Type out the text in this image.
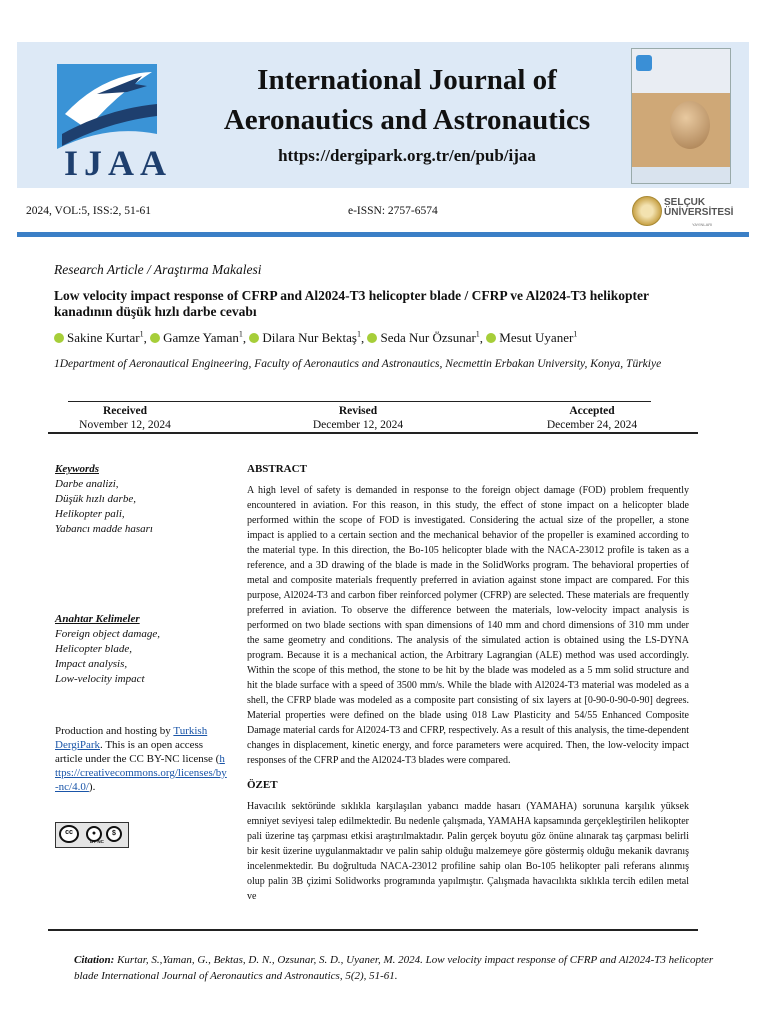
IJAA
International Journal of
Aeronautics and Astronautics
https://dergipark.org.tr/en/pub/ijaa
2024, VOL:5, ISS:2, 51-61	e-ISSN: 2757-6574
SELÇUK
ÜNİVERSİTESİ
YAYINLARI
Research Article / Araştırma Makalesi
Low velocity impact response of CFRP and Al2024-T3 helicopter blade / CFRP ve Al2024-T3 helikopter kanadının düşük hızlı darbe cevabı
Sakine Kurtar$^1$, Gamze Yaman$^1$, Dilara Nur Bektaş$^1$, Seda Nur Özsunar$^1$, Mesut Uyaner$^1$
1Department of Aeronautical Engineering, Faculty of Aeronautics and Astronautics, Necmettin Erbakan University, Konya, Türkiye
Received
November 12, 2024
Revised
December 12, 2024
Accepted
December 24, 2024
Keywords
Darbe analizi,
Düşük hızlı darbe,
Helikopter pali,
Yabancı madde hasarı
Anahtar Kelimeler
Foreign object damage,
Helicopter blade,
Impact analysis,
Low-velocity impact
Production and hosting by Turkish DergiPark. This is an open access article under the CC BY-NC license (https://creativecommons.org/licenses/by-nc/4.0/).
cc	●	$
BY NC
ABSTRACT

A high level of safety is demanded in response to the foreign object damage (FOD) problem frequently encountered in aviation. For this reason, in this study, the effect of stone impact on a helicopter blade performed within the scope of FOD is investigated. Considering the actual size of the propeller, a stone impact is applied to a certain section and the mechanical behavior of the propeller is examined according to the material type. In this direction, the Bo-105 helicopter blade with the NACA-23012 profile is taken as a reference, and a 3D drawing of the blade is made in the SolidWorks program. The behavioral properties of metal and composite materials frequently preferred in aviation against stone impact are compared. For this purpose, Al2024-T3 and carbon fiber reinforced polymer (CFRP) are selected. These materials are frequently preferred in aviation. To observe the difference between the materials, low-velocity impact analysis is performed on two blade sections with span dimensions of 140 mm and chord dimensions of 310 mm under the same geometry and conditions. The analysis of the simulated action is obtained using the LS-DYNA program. Because it is a mechanical action, the Arbitrary Lagrangian (ALE) method was used accordingly. Within the scope of this method, the stone to be hit by the blade was modeled as a 5 mm solid structure and hit the blade surface with a speed of 3500 mm/s. While the blade with Al2024-T3 material was modeled as a shell, the CFRP blade was modeled as a composite part consisting of six layers at [0-90-0-90-0-90] degrees. Material properties were defined on the blade using 018 Law Plasticity and 54/55 Enhanced Composite Damage material cards for Al2024-T3 and CFRP, respectively. As a result of this analysis, the time-dependent changes in displacement, kinetic energy, and force parameters were acquired. Then, the low-velocity impact responses of the CFRP and the Al2024-T3 blades were compared.

ÖZET

Havacılık sektöründe sıklıkla karşılaşılan yabancı madde hasarı (YAMAHA) sorununa karşılık yüksek emniyet seviyesi talep edilmektedir. Bu nedenle çalışmada, YAMAHA kapsamında gerçekleştirilen helikopter pali üzerine taş çarpması etkisi araştırılmaktadır. Palin gerçek boyutu göz önüne alınarak taş çarpması belirli bir kesit üzerine uygulanmaktadır ve palin sahip olduğu malzemeye göre göstermiş olduğu mekanik davranış incelenmektedir. Bu doğrultuda NACA-23012 profiline sahip olan Bo-105 helikopter pali referans alınmış olup palin 3B çizimi Solidworks programında yapılmıştır. Çalışmada havacılıkta sıklıkla tercih edilen metal ve

Citation: Kurtar, S.,Yaman, G., Bektas, D. N., Ozsunar, S. D., Uyaner, M. 2024. Low velocity impact response of CFRP and Al2024-T3 helicopter blade International Journal of Aeronautics and Astronautics, 5(2), 51-61.
